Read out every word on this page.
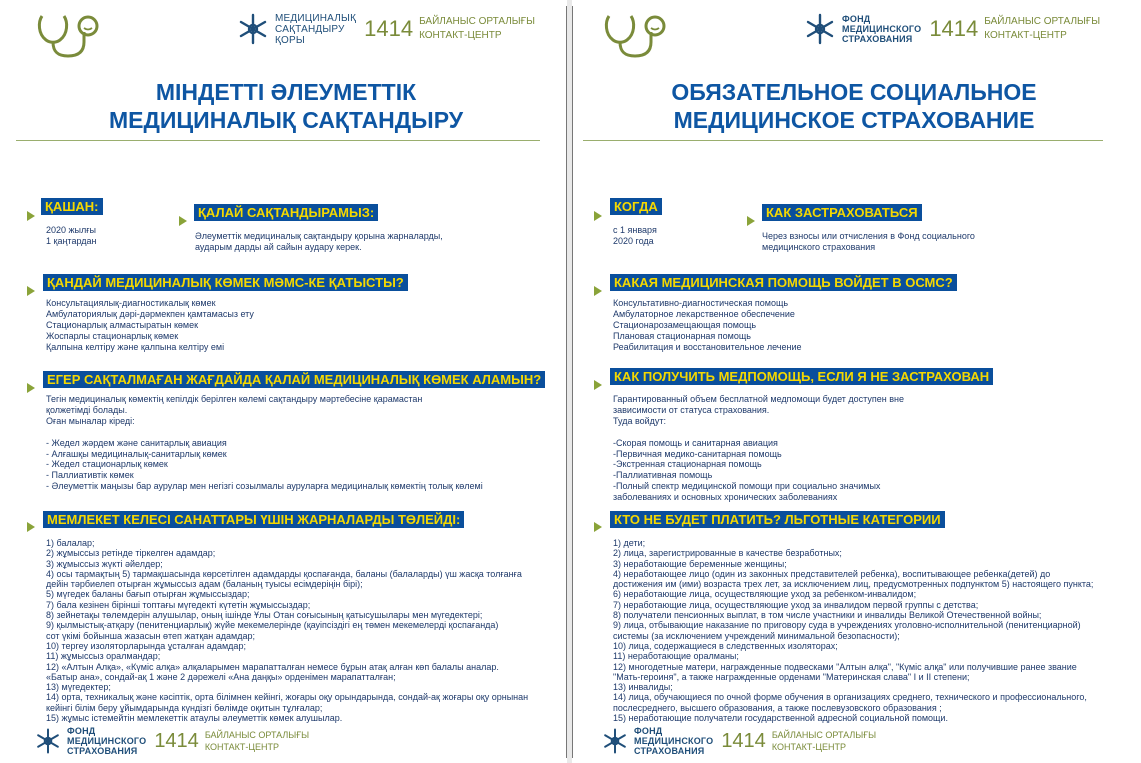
МЕДИЦИНАЛЫҚ
САҚТАНДЫРУ
ҚОРЫ	1414 БАЙЛАНЫС ОРТАЛЫҒЫ
КОНТАКТ-ЦЕНТР
МІНДЕТТІ ӘЛЕУМЕТТІК
МЕДИЦИНАЛЫҚ САҚТАНДЫРУ
ҚАШАН:
2020 жылғы
1 қаңтардан
ҚАЛАЙ САҚТАНДЫРАМЫЗ:
Әлеуметтік медициналық сақтандыру қорына жарналарды,
аударым дарды ай сайын аудару керек.
ҚАНДАЙ МЕДИЦИНАЛЫҚ КӨМЕК МӘМС-КЕ ҚАТЫСТЫ?
Консультациялық-диагностикалық көмек
Амбулаториялық дәрі-дәрмекпен қамтамасыз ету
Стационарлық алмастыратын көмек
Жоспарлы стационарлық көмек
Қалпына келтіру және қалпына келтіру емі
ЕГЕР САҚТАЛМАҒАН ЖАҒДАЙДА ҚАЛАЙ МЕДИЦИНАЛЫҚ КӨМЕК АЛАМЫН?
Тегін медициналық көмектің кепілдік берілген көлемі сақтандыру мәртебесіне қарамастан
қолжетімді болады.
Оған мыналар кіреді:

- Жедел жәрдем және санитарлық авиация
- Алғашқы медициналық-санитарлық көмек
- Жедел стационарлық көмек
- Паллиативтік көмек
- Әлеуметтік маңызы бар аурулар мен негізгі созылмалы ауруларға медициналық көмектің толық көлемі
МЕМЛЕКЕТ КЕЛЕСІ САНАТТАРЫ ҮШІН ЖАРНАЛАРДЫ ТӨЛЕЙДІ:
1) балалар;
2) жұмыссыз ретінде тіркелген адамдар;
3) жұмыссыз жүкті әйелдер;
4) осы тармақтың 5) тармақшасында көрсетілген адамдарды қоспағанда, баланы (балаларды) үш жасқа толғанға
дейін тәрбиелеп отырған жұмыссыз адам (баланың туысы есімдеріңін бірі);
5) мүгедек баланы бағып отырған жұмыссыздар;
7) бала кезінен бірінші топтағы мүгедекті күтетін жұмыссыздар;
8) зейнетақы төлемдерін алушылар, оның ішінде Ұлы Отан соғысының қатысушылары мен мүгедектері;
9) қылмыстық-атқару (пенитенциарлық) жүйе мекемелерінде (қауіпсіздігі ең төмен мекемелерді қоспағанда)
сот үкімі бойынша жазасын өтеп жатқан адамдар;
10) тергеу изоляторларында ұсталған адамдар;
11) жұмыссыз оралмандар;
12) «Алтын Алқа», «Күміс алқа» алқаларымен марапатталған немесе бұрын атақ алған көп балалы аналар.
«Батыр ана», сондай-ақ 1 және 2 дәрежелі «Ана даңқы» орденімен марапатталған;
13) мүгедектер;
14) орта, техникалық және кәсіптік, орта білімнен кейінгі, жоғары оқу орындарында, сондай-ақ жоғары оқу орнынан
кейінгі білім беру ұйымдарында күндізгі бөлімде оқитын тұлғалар;
15) жұмыс істемейтін мемлекеттік атаулы әлеуметтік көмек алушылар.
ФОНД
МЕДИЦИНСКОГО
СТРАХОВАНИЯ 1414 БАЙЛАНЫС ОРТАЛЫҒЫ
КОНТАКТ-ЦЕНТР
ФОНД
МЕДИЦИНСКОГО
СТРАХОВАНИЯ 1414 БАЙЛАНЫС ОРТАЛЫҒЫ
КОНТАКТ-ЦЕНТР
ОБЯЗАТЕЛЬНОЕ СОЦИАЛЬНОЕ
МЕДИЦИНСКОЕ СТРАХОВАНИЕ
КОГДА
с 1 января
2020 года
КАК ЗАСТРАХОВАТЬСЯ
Через взносы или отчисления в Фонд социального
медицинского страхования
КАКАЯ МЕДИЦИНСКАЯ ПОМОЩЬ ВОЙДЕТ В ОСМС?
Консультативно-диагностическая помощь
Амбулаторное лекарственное обеспечение
Стационарозамещающая помощь
Плановая стационарная помощь
Реабилитация и восстановительное лечение
КАК ПОЛУЧИТЬ МЕДПОМОЩЬ, ЕСЛИ Я НЕ ЗАСТРАХОВАН
Гарантированный объем бесплатной медпомощи будет доступен вне
зависимости от статуса страхования.
Туда войдут:

-Скорая помощь и санитарная авиация
-Первичная медико-санитарная помощь
-Экстренная стационарная помощь
-Паллиативная помощь
-Полный спектр медицинской помощи при социально значимых
заболеваниях и основных хронических заболеваниях
КТО НЕ БУДЕТ ПЛАТИТЬ? ЛЬГОТНЫЕ КАТЕГОРИИ
1) дети;
2) лица, зарегистрированные в качестве безработных;
3) неработающие беременные женщины;
4) неработающее лицо (один из законных представителей ребенка), воспитывающее ребенка(детей) до
достижения им (ими) возраста трех лет, за исключением лиц, предусмотренных подпунктом 5) настоящего пункта;
6) неработающие лица, осуществляющие уход за ребенком-инвалидом;
7) неработающие лица, осуществляющие уход за инвалидом первой группы с детства;
8) получатели пенсионных выплат, в том числе участники и инвалиды Великой Отечественной войны;
9) лица, отбывающие наказание по приговору суда в учреждениях уголовно-исполнительной (пенитенциарной)
системы (за исключением учреждений минимальной безопасности);
10) лица, содержащиеся в следственных изоляторах;
11) неработающие оралманы;
12) многодетные матери, награжденные подвесками "Алтын алқа", "Күміс алқа" или получившие ранее звание
"Мать-героиня", а также награжденные орденами "Материнская слава" I и II степени;
13) инвалиды;
14) лица, обучающиеся по очной форме обучения в организациях среднего, технического и профессионального,
послесреднего, высшего образования, а также послевузовского образования ;
15) неработающие получатели государственной адресной социальной помощи.
ФОНД
МЕДИЦИНСКОГО
СТРАХОВАНИЯ 1414 БАЙЛАНЫС ОРТАЛЫҒЫ
КОНТАКТ-ЦЕНТР
